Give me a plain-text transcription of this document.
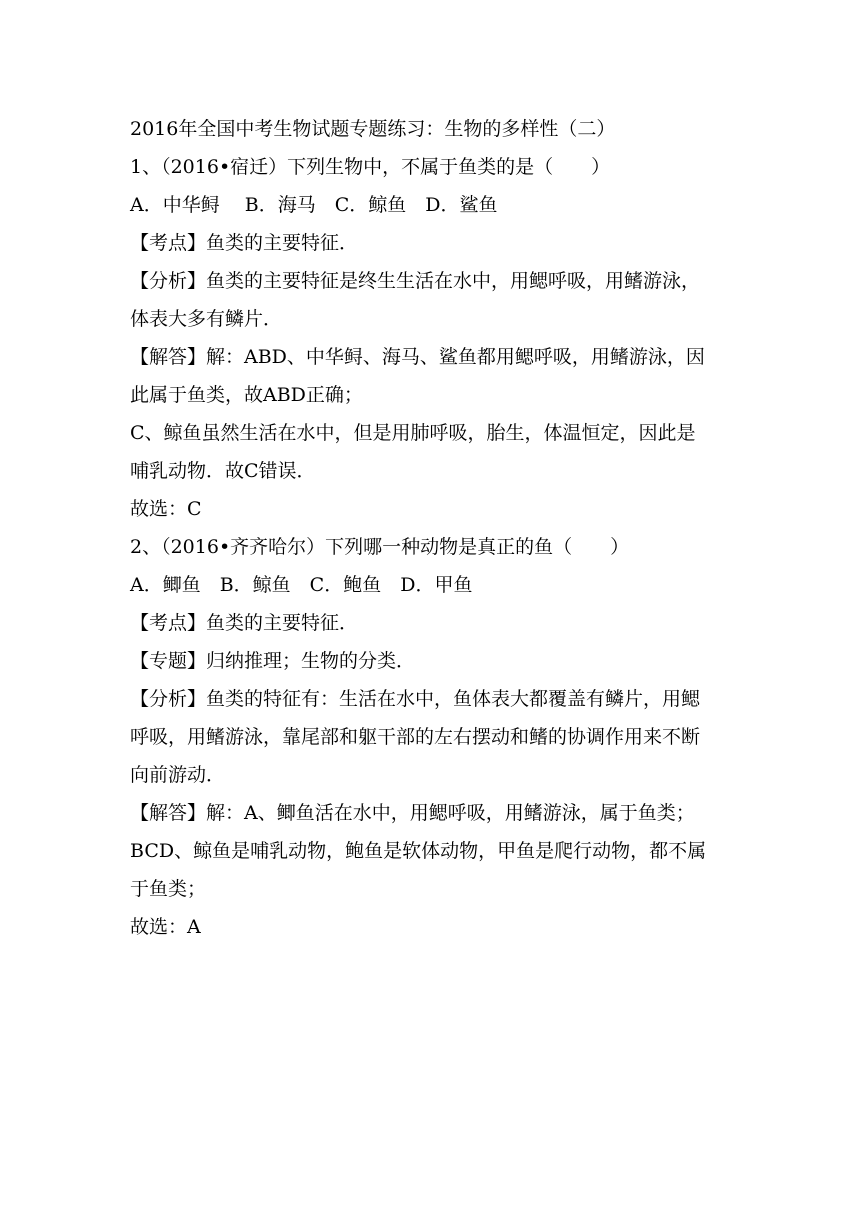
2016年全国中考生物试题专题练习：生物的多样性（二）

1、（2016•宿迁）下列生物中，不属于鱼类的是（　　）

A．中华鲟　 B．海马　C．鲸鱼　D．鲨鱼

【考点】鱼类的主要特征．

【分析】鱼类的主要特征是终生生活在水中，用鳃呼吸，用鳍游泳，

体表大多有鳞片．

【解答】解：ABD、中华鲟、海马、鲨鱼都用鳃呼吸，用鳍游泳，因

此属于鱼类，故ABD正确；

C、鲸鱼虽然生活在水中，但是用肺呼吸，胎生，体温恒定，因此是

哺乳动物．故C错误．

故选：C

2、（2016•齐齐哈尔）下列哪一种动物是真正的鱼（　　）

A．鲫鱼　B．鲸鱼　C．鲍鱼　D．甲鱼

【考点】鱼类的主要特征．

【专题】归纳推理；生物的分类．

【分析】鱼类的特征有：生活在水中，鱼体表大都覆盖有鳞片，用鳃

呼吸，用鳍游泳，靠尾部和躯干部的左右摆动和鳍的协调作用来不断

向前游动．

【解答】解：A、鲫鱼活在水中，用鳃呼吸，用鳍游泳，属于鱼类；

BCD、鲸鱼是哺乳动物，鲍鱼是软体动物，甲鱼是爬行动物，都不属

于鱼类；

故选：A
